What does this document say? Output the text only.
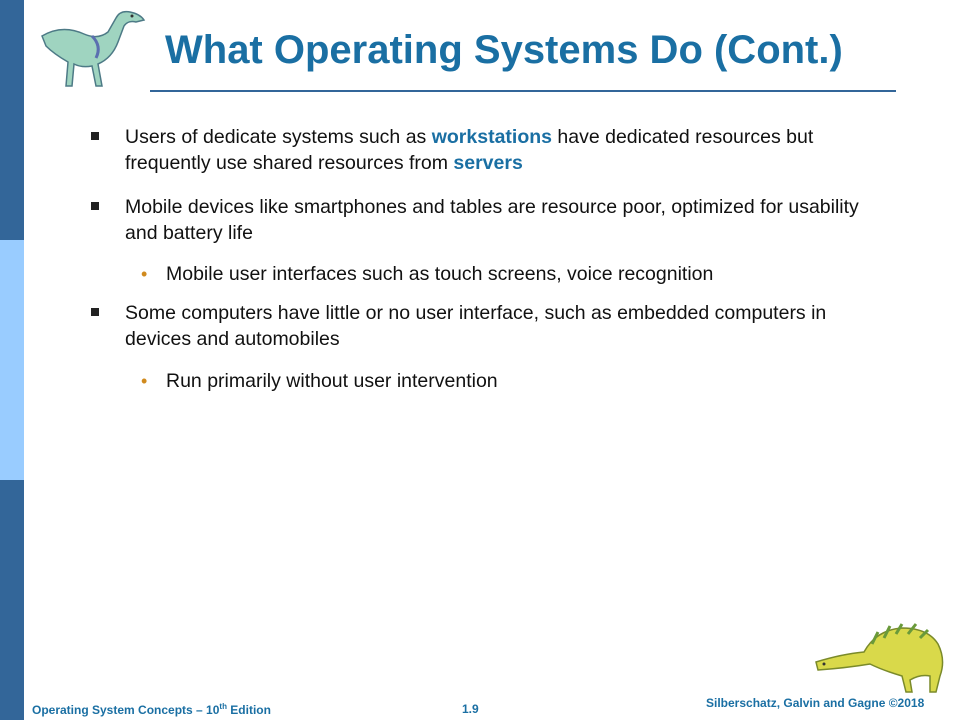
What Operating Systems Do (Cont.)
Users of dedicate systems such as workstations have dedicated resources but frequently use shared resources from servers
Mobile devices like smartphones and tables are resource poor, optimized for usability and battery life
• Mobile user interfaces such as touch screens, voice recognition
Some computers have little or no user interface, such as embedded computers in devices and automobiles
• Run primarily without user intervention
Operating System Concepts – 10th Edition	1.9	Silberschatz, Galvin and Gagne ©2018
